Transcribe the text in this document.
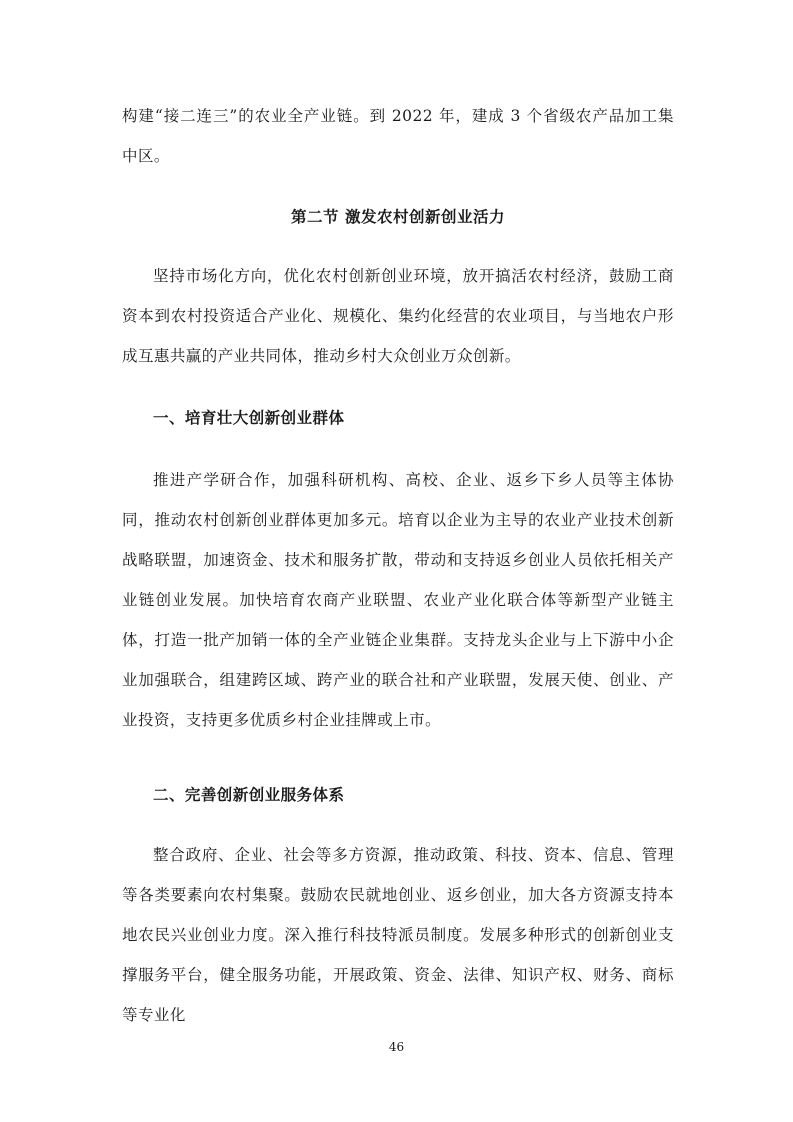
构建“接二连三”的农业全产业链。到 2022 年，建成 3 个省级农产品加工集中区。

第二节 激发农村创新创业活力

坚持市场化方向，优化农村创新创业环境，放开搞活农村经济，鼓励工商资本到农村投资适合产业化、规模化、集约化经营的农业项目，与当地农户形成互惠共赢的产业共同体，推动乡村大众创业万众创新。

一、培育壮大创新创业群体

推进产学研合作，加强科研机构、高校、企业、返乡下乡人员等主体协同，推动农村创新创业群体更加多元。培育以企业为主导的农业产业技术创新战略联盟，加速资金、技术和服务扩散，带动和支持返乡创业人员依托相关产业链创业发展。加快培育农商产业联盟、农业产业化联合体等新型产业链主体，打造一批产加销一体的全产业链企业集群。支持龙头企业与上下游中小企业加强联合，组建跨区域、跨产业的联合社和产业联盟，发展天使、创业、产业投资，支持更多优质乡村企业挂牌或上市。

二、完善创新创业服务体系

整合政府、企业、社会等多方资源，推动政策、科技、资本、信息、管理等各类要素向农村集聚。鼓励农民就地创业、返乡创业，加大各方资源支持本地农民兴业创业力度。深入推行科技特派员制度。发展多种形式的创新创业支撑服务平台，健全服务功能，开展政策、资金、法律、知识产权、财务、商标等专业化

46
